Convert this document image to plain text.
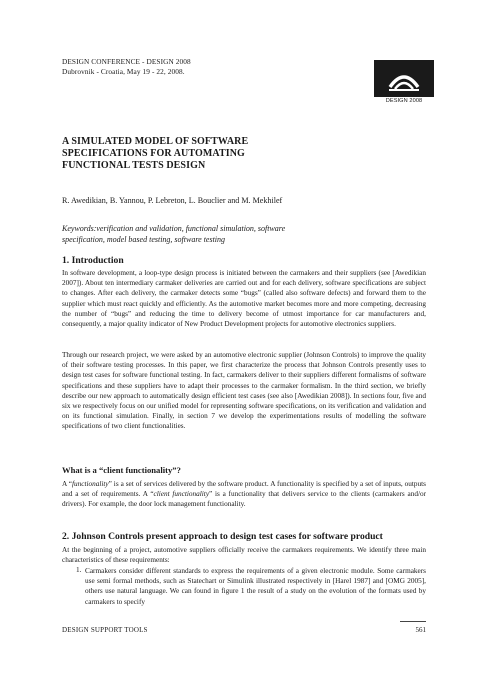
DESIGN CONFERENCE - DESIGN 2008
Dubrovnik - Croatia, May 19 - 22, 2008.
DESIGN 2008
A SIMULATED MODEL OF SOFTWARE
SPECIFICATIONS FOR AUTOMATING
FUNCTIONAL TESTS DESIGN
R. Awedikian, B. Yannou, P. Lebreton, L. Bouclier and M. Mekhilef
Keywords:verification and validation, functional simulation, software
specification, model based testing, software testing
1. Introduction
In software development, a loop-type design process is initiated between the carmakers and their suppliers (see [Awedikian 2007]). About ten intermediary carmaker deliveries are carried out and for each delivery, software specifications are subject to changes. After each delivery, the carmaker detects some “bugs” (called also software defects) and forward them to the supplier which must react quickly and efficiently. As the automotive market becomes more and more competing, decreasing the number of “bugs” and reducing the time to delivery become of utmost importance for car manufacturers and, consequently, a major quality indicator of New Product Development projects for automotive electronics suppliers.
Through our research project, we were asked by an automotive electronic supplier (Johnson Controls) to improve the quality of their software testing processes. In this paper, we first characterize the process that Johnson Controls presently uses to design test cases for software functional testing. In fact, carmakers deliver to their suppliers different formalisms of software specifications and these suppliers have to adapt their processes to the carmaker formalism. In the third section, we briefly describe our new approach to automatically design efficient test cases (see also [Awedikian 2008]). In sections four, five and six we respectively focus on our unified model for representing software specifications, on its verification and validation and on its functional simulation. Finally, in section 7 we develop the experimentations results of modelling the software specifications of two client functionalities.
What is a “client functionality”?
A “functionality” is a set of services delivered by the software product. A functionality is specified by a set of inputs, outputs and a set of requirements. A “client functionality” is a functionality that delivers service to the clients (carmakers and/or drivers). For example, the door lock management functionality.
2. Johnson Controls present approach to design test cases for software product
At the beginning of a project, automotive suppliers officially receive the carmakers requirements. We identify three main characteristics of these requirements:
1. Carmakers consider different standards to express the requirements of a given electronic module. Some carmakers use semi formal methods, such as Statechart or Simulink illustrated respectively in [Harel 1987] and [OMG 2005], others use natural language. We can found in figure 1 the result of a study on the evolution of the formats used by carmakers to specify
DESIGN SUPPORT TOOLS	561
